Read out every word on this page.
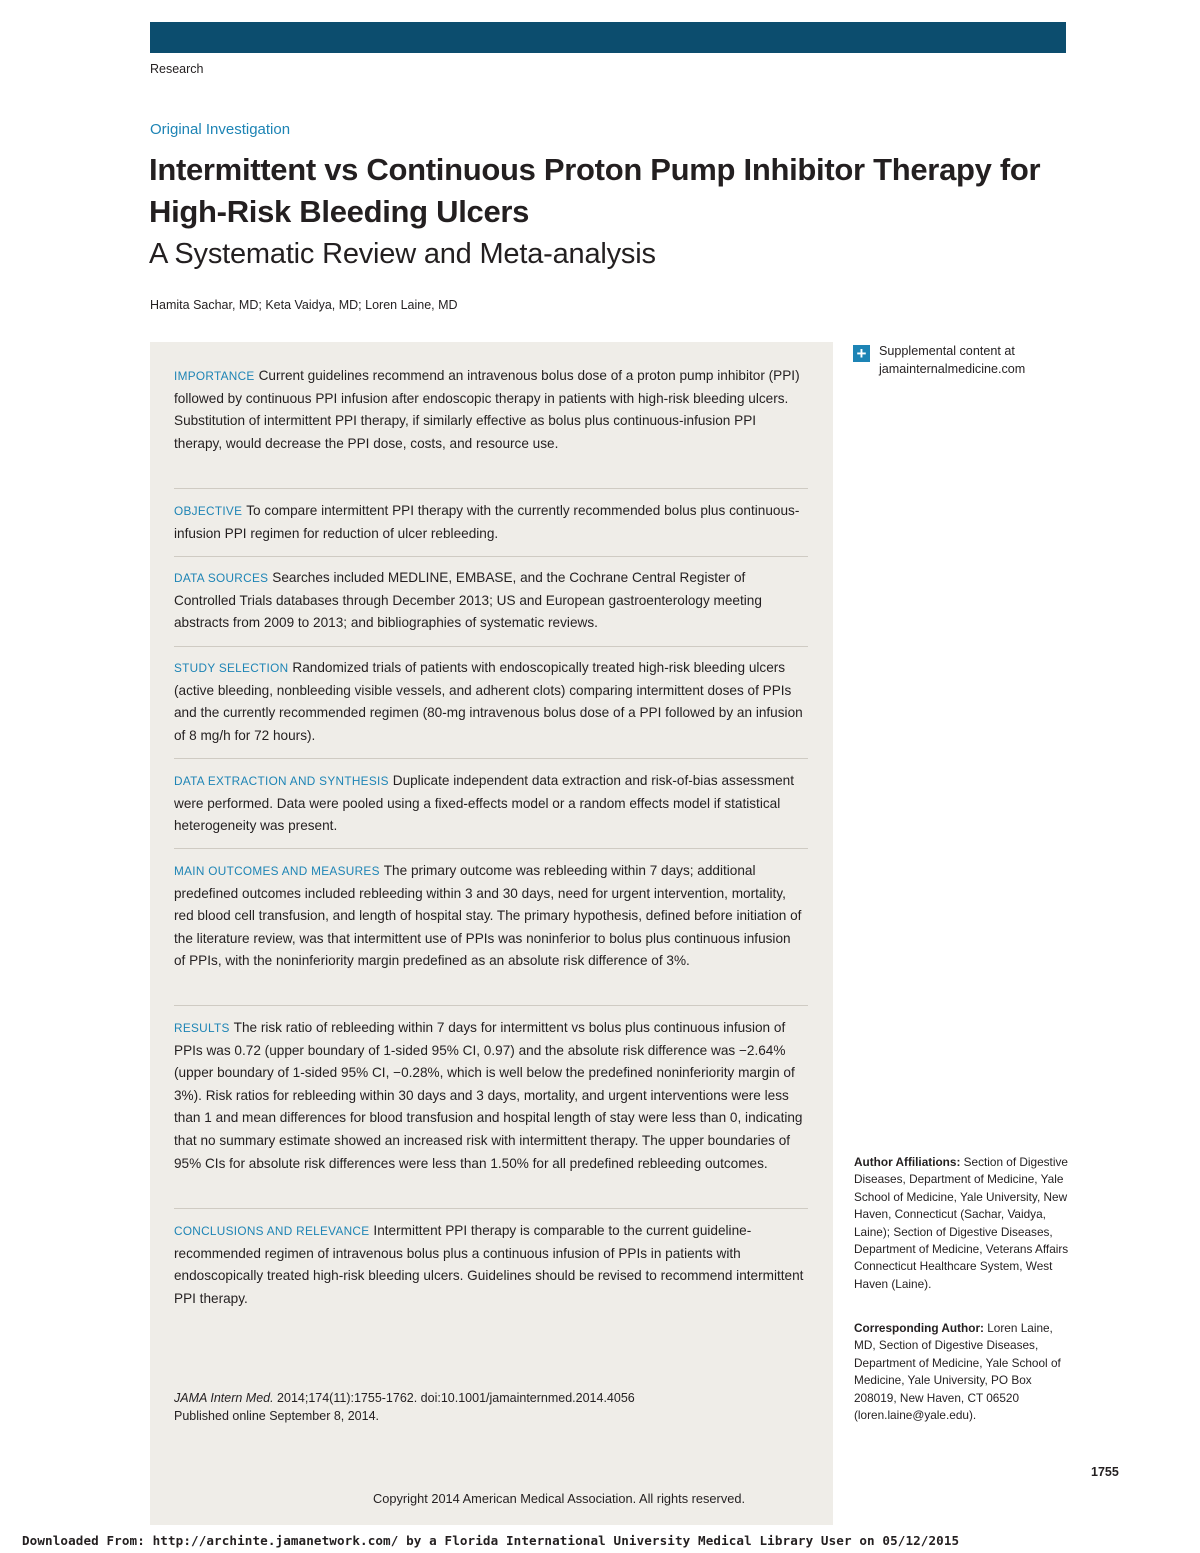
Research
Original Investigation
Intermittent vs Continuous Proton Pump Inhibitor Therapy for High-Risk Bleeding Ulcers
A Systematic Review and Meta-analysis
Hamita Sachar, MD; Keta Vaidya, MD; Loren Laine, MD
IMPORTANCE Current guidelines recommend an intravenous bolus dose of a proton pump inhibitor (PPI) followed by continuous PPI infusion after endoscopic therapy in patients with high-risk bleeding ulcers. Substitution of intermittent PPI therapy, if similarly effective as bolus plus continuous-infusion PPI therapy, would decrease the PPI dose, costs, and resource use.
OBJECTIVE To compare intermittent PPI therapy with the currently recommended bolus plus continuous-infusion PPI regimen for reduction of ulcer rebleeding.
DATA SOURCES Searches included MEDLINE, EMBASE, and the Cochrane Central Register of Controlled Trials databases through December 2013; US and European gastroenterology meeting abstracts from 2009 to 2013; and bibliographies of systematic reviews.
STUDY SELECTION Randomized trials of patients with endoscopically treated high-risk bleeding ulcers (active bleeding, nonbleeding visible vessels, and adherent clots) comparing intermittent doses of PPIs and the currently recommended regimen (80-mg intravenous bolus dose of a PPI followed by an infusion of 8 mg/h for 72 hours).
DATA EXTRACTION AND SYNTHESIS Duplicate independent data extraction and risk-of-bias assessment were performed. Data were pooled using a fixed-effects model or a random effects model if statistical heterogeneity was present.
MAIN OUTCOMES AND MEASURES The primary outcome was rebleeding within 7 days; additional predefined outcomes included rebleeding within 3 and 30 days, need for urgent intervention, mortality, red blood cell transfusion, and length of hospital stay. The primary hypothesis, defined before initiation of the literature review, was that intermittent use of PPIs was noninferior to bolus plus continuous infusion of PPIs, with the noninferiority margin predefined as an absolute risk difference of 3%.
RESULTS The risk ratio of rebleeding within 7 days for intermittent vs bolus plus continuous infusion of PPIs was 0.72 (upper boundary of 1-sided 95% CI, 0.97) and the absolute risk difference was −2.64% (upper boundary of 1-sided 95% CI, −0.28%, which is well below the predefined noninferiority margin of 3%). Risk ratios for rebleeding within 30 days and 3 days, mortality, and urgent interventions were less than 1 and mean differences for blood transfusion and hospital length of stay were less than 0, indicating that no summary estimate showed an increased risk with intermittent therapy. The upper boundaries of 95% CIs for absolute risk differences were less than 1.50% for all predefined rebleeding outcomes.
CONCLUSIONS AND RELEVANCE Intermittent PPI therapy is comparable to the current guideline-recommended regimen of intravenous bolus plus a continuous infusion of PPIs in patients with endoscopically treated high-risk bleeding ulcers. Guidelines should be revised to recommend intermittent PPI therapy.
JAMA Intern Med. 2014;174(11):1755-1762. doi:10.1001/jamainternmed.2014.4056
Published online September 8, 2014.
Copyright 2014 American Medical Association. All rights reserved.
+ Supplemental content at jamainternalmedicine.com
Author Affiliations: Section of Digestive Diseases, Department of Medicine, Yale School of Medicine, Yale University, New Haven, Connecticut (Sachar, Vaidya, Laine); Section of Digestive Diseases, Department of Medicine, Veterans Affairs Connecticut Healthcare System, West Haven (Laine).
Corresponding Author: Loren Laine, MD, Section of Digestive Diseases, Department of Medicine, Yale School of Medicine, Yale University, PO Box 208019, New Haven, CT 06520 (loren.laine@yale.edu).
1755
Downloaded From: http://archinte.jamanetwork.com/ by a Florida International University Medical Library User on 05/12/2015
